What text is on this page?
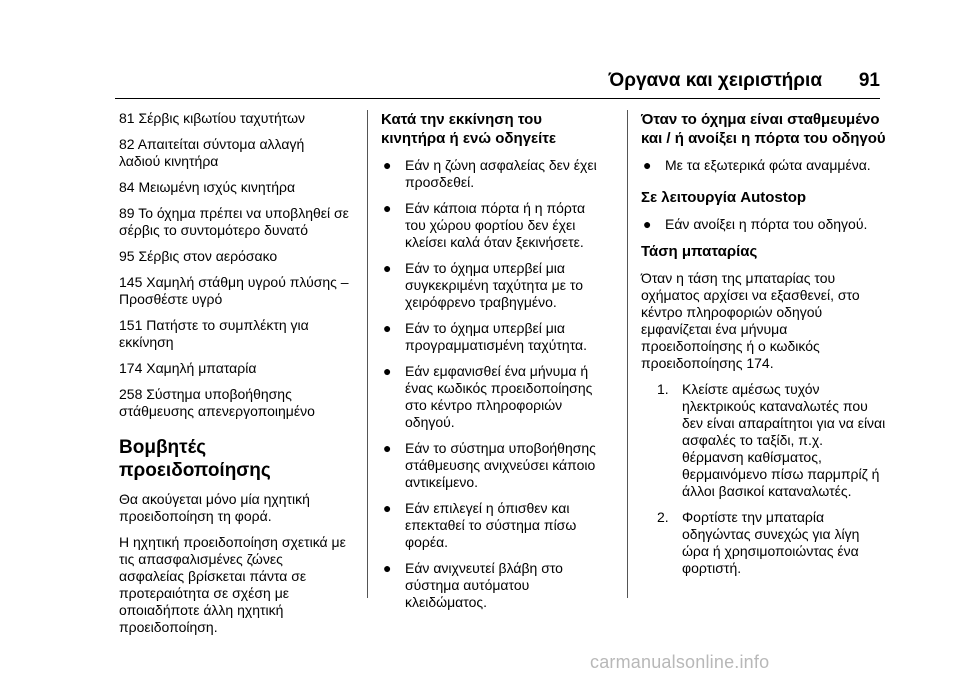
Όργανα και χειριστήρια 91

81 Σέρβις κιβωτίου ταχυτήτων

82 Απαιτείται σύντομα αλλαγή λαδιού κινητήρα

84 Μειωμένη ισχύς κινητήρα

89 Το όχημα πρέπει να υποβληθεί σε σέρβις το συντομότερο δυνατό

95 Σέρβις στον αερόσακο

145 Χαμηλή στάθμη υγρού πλύσης – Προσθέστε υγρό

151 Πατήστε το συμπλέκτη για εκκίνηση

174 Χαμηλή μπαταρία

258 Σύστημα υποβοήθησης στάθμευσης απενεργοποιημένο

Βομβητές προειδοποίησης

Θα ακούγεται μόνο μία ηχητική προειδοποίηση τη φορά.

Η ηχητική προειδοποίηση σχετικά με τις απασφαλισμένες ζώνες ασφαλείας βρίσκεται πάντα σε προτεραιότητα σε σχέση με οποιαδήποτε άλλη ηχητική προειδοποίηση.

Κατά την εκκίνηση του κινητήρα ή ενώ οδηγείτε
● Εάν η ζώνη ασφαλείας δεν έχει προσδεθεί.
● Εάν κάποια πόρτα ή η πόρτα του χώρου φορτίου δεν έχει κλείσει καλά όταν ξεκινήσετε.
● Εάν το όχημα υπερβεί μια συγκεκριμένη ταχύτητα με το χειρόφρενο τραβηγμένο.
● Εάν το όχημα υπερβεί μια προγραμματισμένη ταχύτητα.
● Εάν εμφανισθεί ένα μήνυμα ή ένας κωδικός προειδοποίησης στο κέντρο πληροφοριών οδηγού.
● Εάν το σύστημα υποβοήθησης στάθμευσης ανιχνεύσει κάποιο αντικείμενο.
● Εάν επιλεγεί η όπισθεν και επεκταθεί το σύστημα πίσω φορέα.
● Εάν ανιχνευτεί βλάβη στο σύστημα αυτόματου κλειδώματος.
Όταν το όχημα είναι σταθμευμένο και / ή ανοίξει η πόρτα του οδηγού
● Με τα εξωτερικά φώτα αναμμένα.
Σε λειτουργία Autostop
● Εάν ανοίξει η πόρτα του οδηγού.
Τάση μπαταρίας

Όταν η τάση της μπαταρίας του οχήματος αρχίσει να εξασθενεί, στο κέντρο πληροφοριών οδηγού εμφανίζεται ένα μήνυμα προειδοποίησης ή ο κωδικός προειδοποίησης 174.

1. Κλείστε αμέσως τυχόν ηλεκτρικούς καταναλωτές που δεν είναι απαραίτητοι για να είναι ασφαλές το ταξίδι, π.χ. θέρμανση καθίσματος, θερμαινόμενο πίσω παρμπρίζ ή άλλοι βασικοί καταναλωτές.
2. Φορτίστε την μπαταρία οδηγώντας συνεχώς για λίγη ώρα ή χρησιμοποιώντας ένα φορτιστή.
carmanualsonline.info
